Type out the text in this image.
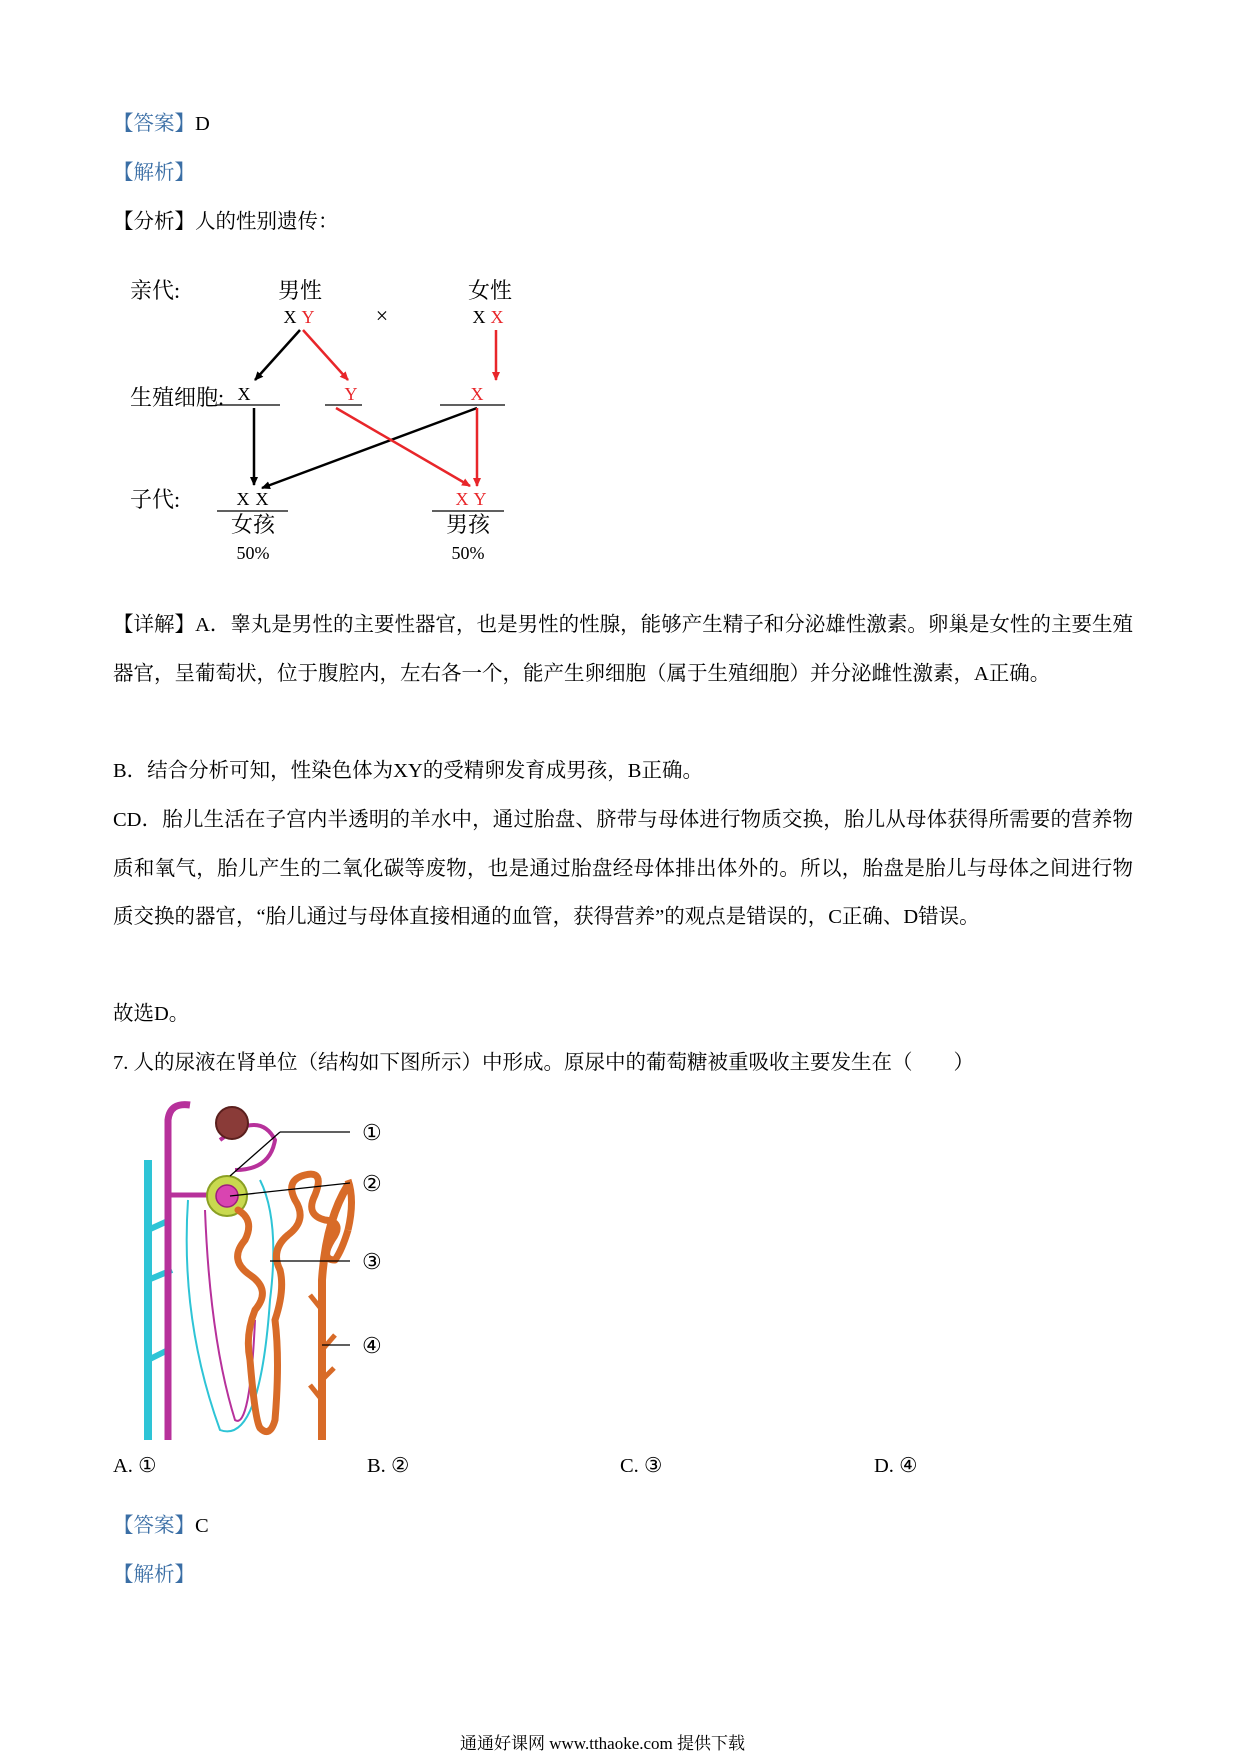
【答案】D
【解析】
【分析】人的性别遗传：
亲代:
生殖细胞:
子代:
男性	女性
X Y	×	X X
X	Y	X
X X	X Y
女孩	男孩
50%	50%
【详解】A．睾丸是男性的主要性器官，也是男性的性腺，能够产生精子和分泌雄性激素。卵巢是女性的主要生殖器官，呈葡萄状，位于腹腔内，左右各一个，能产生卵细胞（属于生殖细胞）并分泌雌性激素，A正确。
B．结合分析可知，性染色体为XY的受精卵发育成男孩，B正确。
CD．胎儿生活在子宫内半透明的羊水中，通过胎盘、脐带与母体进行物质交换，胎儿从母体获得所需要的营养物质和氧气，胎儿产生的二氧化碳等废物，也是通过胎盘经母体排出体外的。所以，胎盘是胎儿与母体之间进行物质交换的器官，“胎儿通过与母体直接相通的血管，获得营养”的观点是错误的，C正确、D错误。
故选D。
7. 人的尿液在肾单位（结构如下图所示）中形成。原尿中的葡萄糖被重吸收主要发生在（　　）
①
②
③
④
A. ①	B. ②	C. ③	D. ④
【答案】C
【解析】
通通好课网 www.tthaoke.com 提供下载
